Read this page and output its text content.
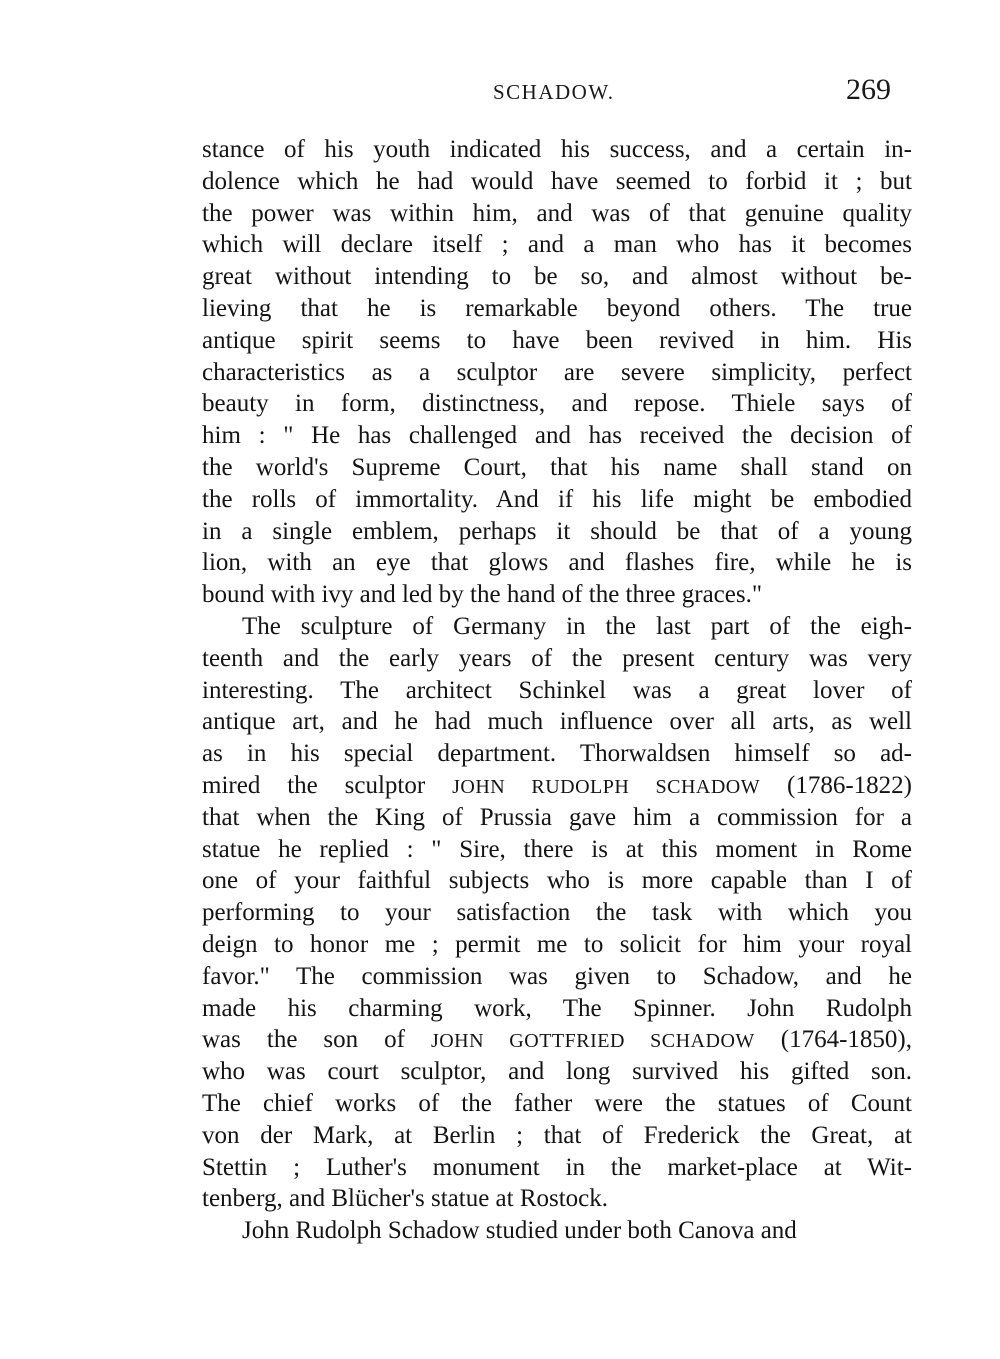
SCHADOW.	269
stance of his youth indicated his success, and a certain in-
dolence which he had would have seemed to forbid it ; but
the power was within him, and was of that genuine quality
which will declare itself ; and a man who has it becomes
great without intending to be so, and almost without be-
lieving that he is remarkable beyond others. The true
antique spirit seems to have been revived in him. His
characteristics as a sculptor are severe simplicity, perfect
beauty in form, distinctness, and repose. Thiele says of
him : " He has challenged and has received the decision of
the world's Supreme Court, that his name shall stand on
the rolls of immortality. And if his life might be embodied
in a single emblem, perhaps it should be that of a young
lion, with an eye that glows and flashes fire, while he is
bound with ivy and led by the hand of the three graces."
The sculpture of Germany in the last part of the eigh-
teenth and the early years of the present century was very
interesting. The architect Schinkel was a great lover of
antique art, and he had much influence over all arts, as well
as in his special department. Thorwaldsen himself so ad-
mired the sculptor JOHN RUDOLPH SCHADOW (1786-1822)
that when the King of Prussia gave him a commission for a
statue he replied : " Sire, there is at this moment in Rome
one of your faithful subjects who is more capable than I of
performing to your satisfaction the task with which you
deign to honor me ; permit me to solicit for him your royal
favor." The commission was given to Schadow, and he
made his charming work, The Spinner. John Rudolph
was the son of JOHN GOTTFRIED SCHADOW (1764-1850),
who was court sculptor, and long survived his gifted son.
The chief works of the father were the statues of Count
von der Mark, at Berlin ; that of Frederick the Great, at
Stettin ; Luther's monument in the market-place at Wit-
tenberg, and Blücher's statue at Rostock.
John Rudolph Schadow studied under both Canova and
